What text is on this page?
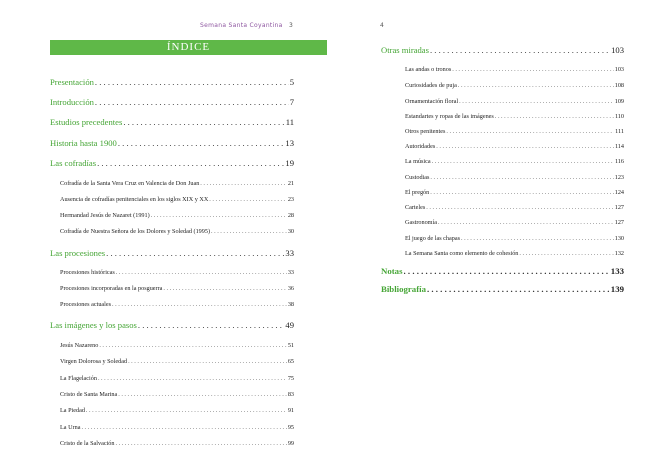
Semana Santa Coyantina 3
ÍNDICE
Presentación . . .	5
Introducción . . .	7
Estudios precedentes . . .	11
Historia hasta 1900 . . .	13
Las cofradías . . .	19
Cofradía de la Santa Vera Cruz en Valencia de Don Juan . . .	21
Ausencia de cofradías penitenciales en los siglos XIX y XX . . .	23
Hermandad Jesús de Nazaret (1991) . . .	28
Cofradía de Nuestra Señora de los Dolores y Soledad (1995) . . .	30
Las procesiones . . .	33
Procesiones históricas . . .	33
Procesiones incorporadas en la posguerra . . .	36
Procesiones actuales . . .	38
Las imágenes y los pasos . . .	49
Jesús Nazareno . . .	51
Virgen Dolorosa y Soledad . . .	65
La Flagelación . . .	75
Cristo de Santa Marina . . .	83
La Piedad . . .	91
La Urna . . .	95
Cristo de la Salvación . . .	99
4
Otras miradas . . .	103
Las andas o tronos . . .	103
Curiosidades de puja . . .	108
Ornamentación floral . . .	109
Estandartes y ropas de las imágenes . . .	110
Otros penitentes . . .	111
Autoridades . . .	114
La música . . .	116
Custodias . . .	123
El pregón . . .	124
Carteles . . .	127
Gastronomía . . .	127
El juego de las chapas . . .	130
La Semana Santa como elemento de cohesión . . .	132
Notas . . .	133
Bibliografía . . .	139
